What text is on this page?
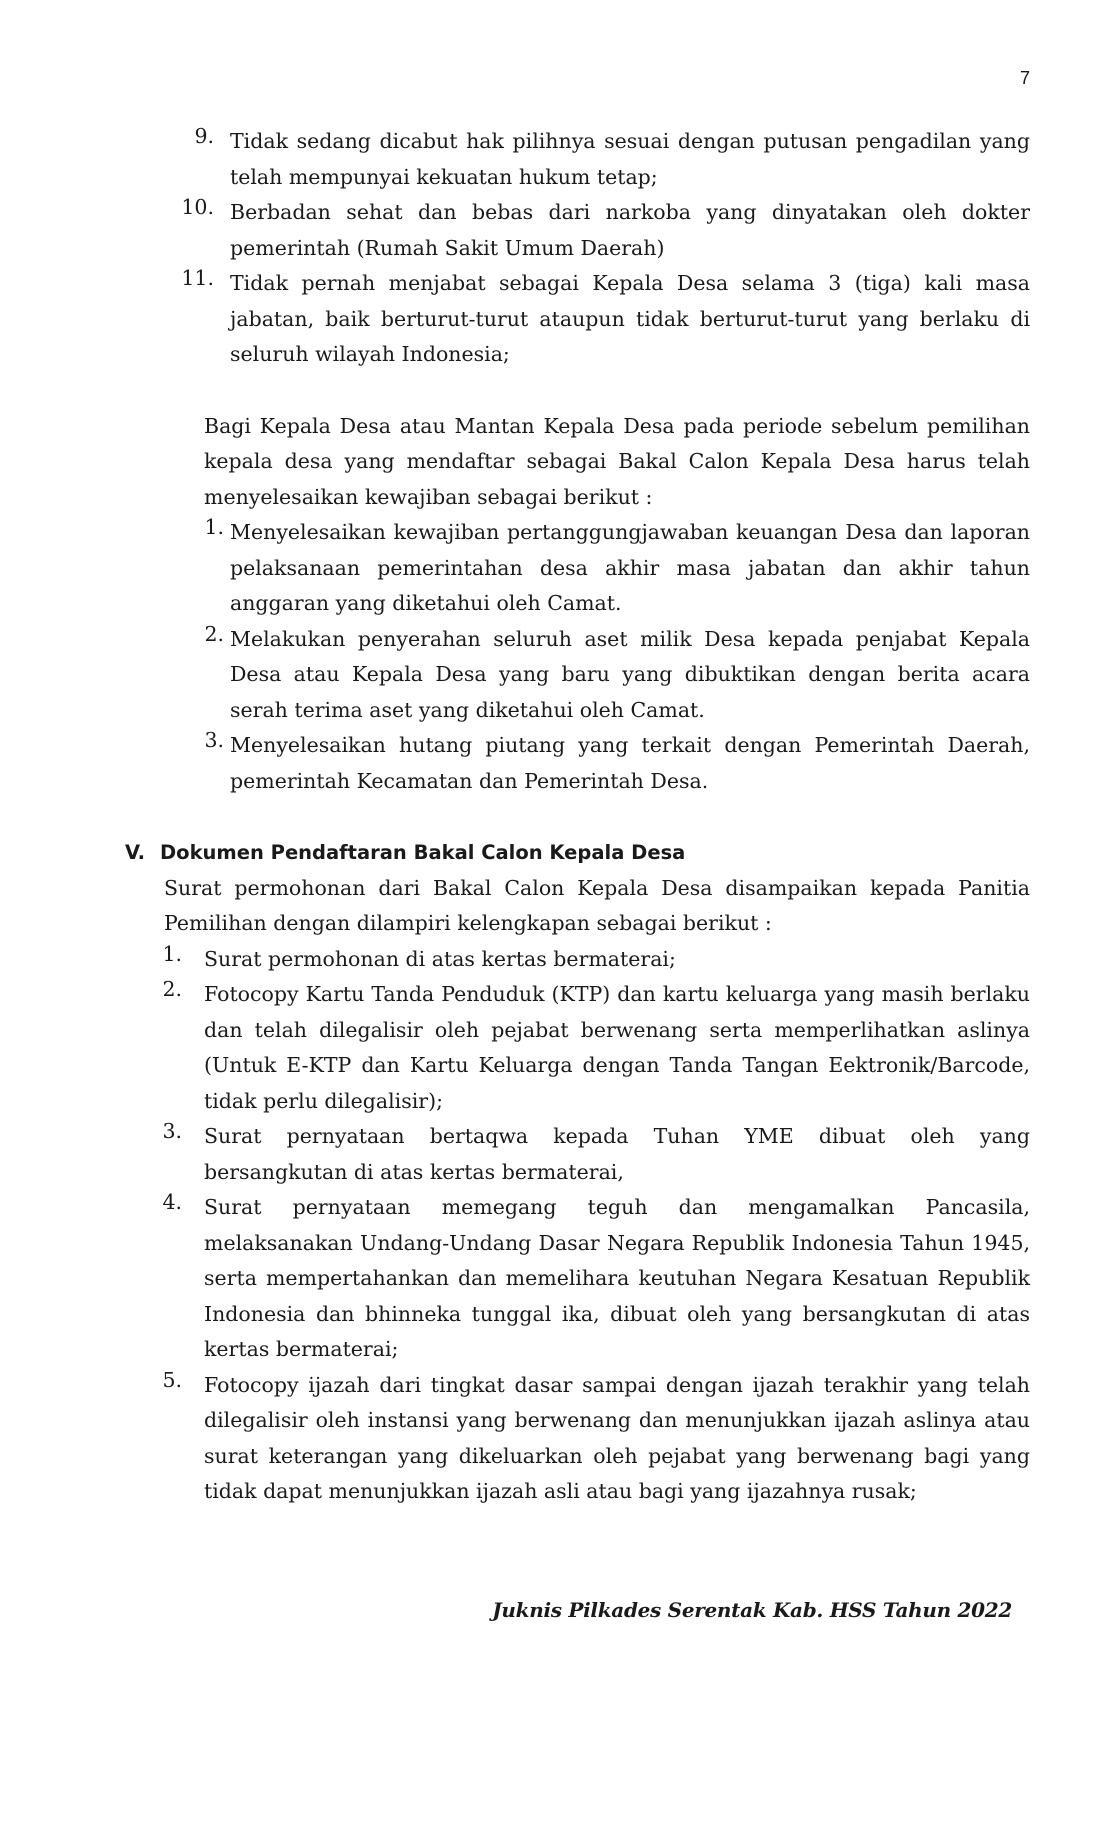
7
9. Tidak sedang dicabut hak pilihnya sesuai dengan putusan pengadilan yang telah mempunyai kekuatan hukum tetap;
10. Berbadan sehat dan bebas dari narkoba yang dinyatakan oleh dokter pemerintah (Rumah Sakit Umum Daerah)
11. Tidak pernah menjabat sebagai Kepala Desa selama 3 (tiga) kali masa jabatan, baik berturut-turut ataupun tidak berturut-turut yang berlaku di seluruh wilayah Indonesia;
Bagi Kepala Desa atau Mantan Kepala Desa pada periode sebelum pemilihan kepala desa yang mendaftar sebagai Bakal Calon Kepala Desa harus telah menyelesaikan kewajiban sebagai berikut :
1. Menyelesaikan kewajiban pertanggungjawaban keuangan Desa dan laporan pelaksanaan pemerintahan desa akhir masa jabatan dan akhir tahun anggaran yang diketahui oleh Camat.
2. Melakukan penyerahan seluruh aset milik Desa kepada penjabat Kepala Desa atau Kepala Desa yang baru yang dibuktikan dengan berita acara serah terima aset yang diketahui oleh Camat.
3. Menyelesaikan hutang piutang yang terkait dengan Pemerintah Daerah, pemerintah Kecamatan dan Pemerintah Desa.
V. Dokumen Pendaftaran Bakal Calon Kepala Desa
Surat permohonan dari Bakal Calon Kepala Desa disampaikan kepada Panitia Pemilihan dengan dilampiri kelengkapan sebagai berikut :
1. Surat permohonan di atas kertas bermaterai;
2. Fotocopy Kartu Tanda Penduduk (KTP) dan kartu keluarga yang masih berlaku dan telah dilegalisir oleh pejabat berwenang serta memperlihatkan aslinya (Untuk E-KTP dan Kartu Keluarga dengan Tanda Tangan Eektronik/Barcode, tidak perlu dilegalisir);
3. Surat pernyataan bertaqwa kepada Tuhan YME dibuat oleh yang bersangkutan di atas kertas bermaterai,
4. Surat pernyataan memegang teguh dan mengamalkan Pancasila, melaksanakan Undang-Undang Dasar Negara Republik Indonesia Tahun 1945, serta mempertahankan dan memelihara keutuhan Negara Kesatuan Republik Indonesia dan bhinneka tunggal ika, dibuat oleh yang bersangkutan di atas kertas bermaterai;
5. Fotocopy ijazah dari tingkat dasar sampai dengan ijazah terakhir yang telah dilegalisir oleh instansi yang berwenang dan menunjukkan ijazah aslinya atau surat keterangan yang dikeluarkan oleh pejabat yang berwenang bagi yang tidak dapat menunjukkan ijazah asli atau bagi yang ijazahnya rusak;
Juknis Pilkades Serentak Kab. HSS Tahun 2022
